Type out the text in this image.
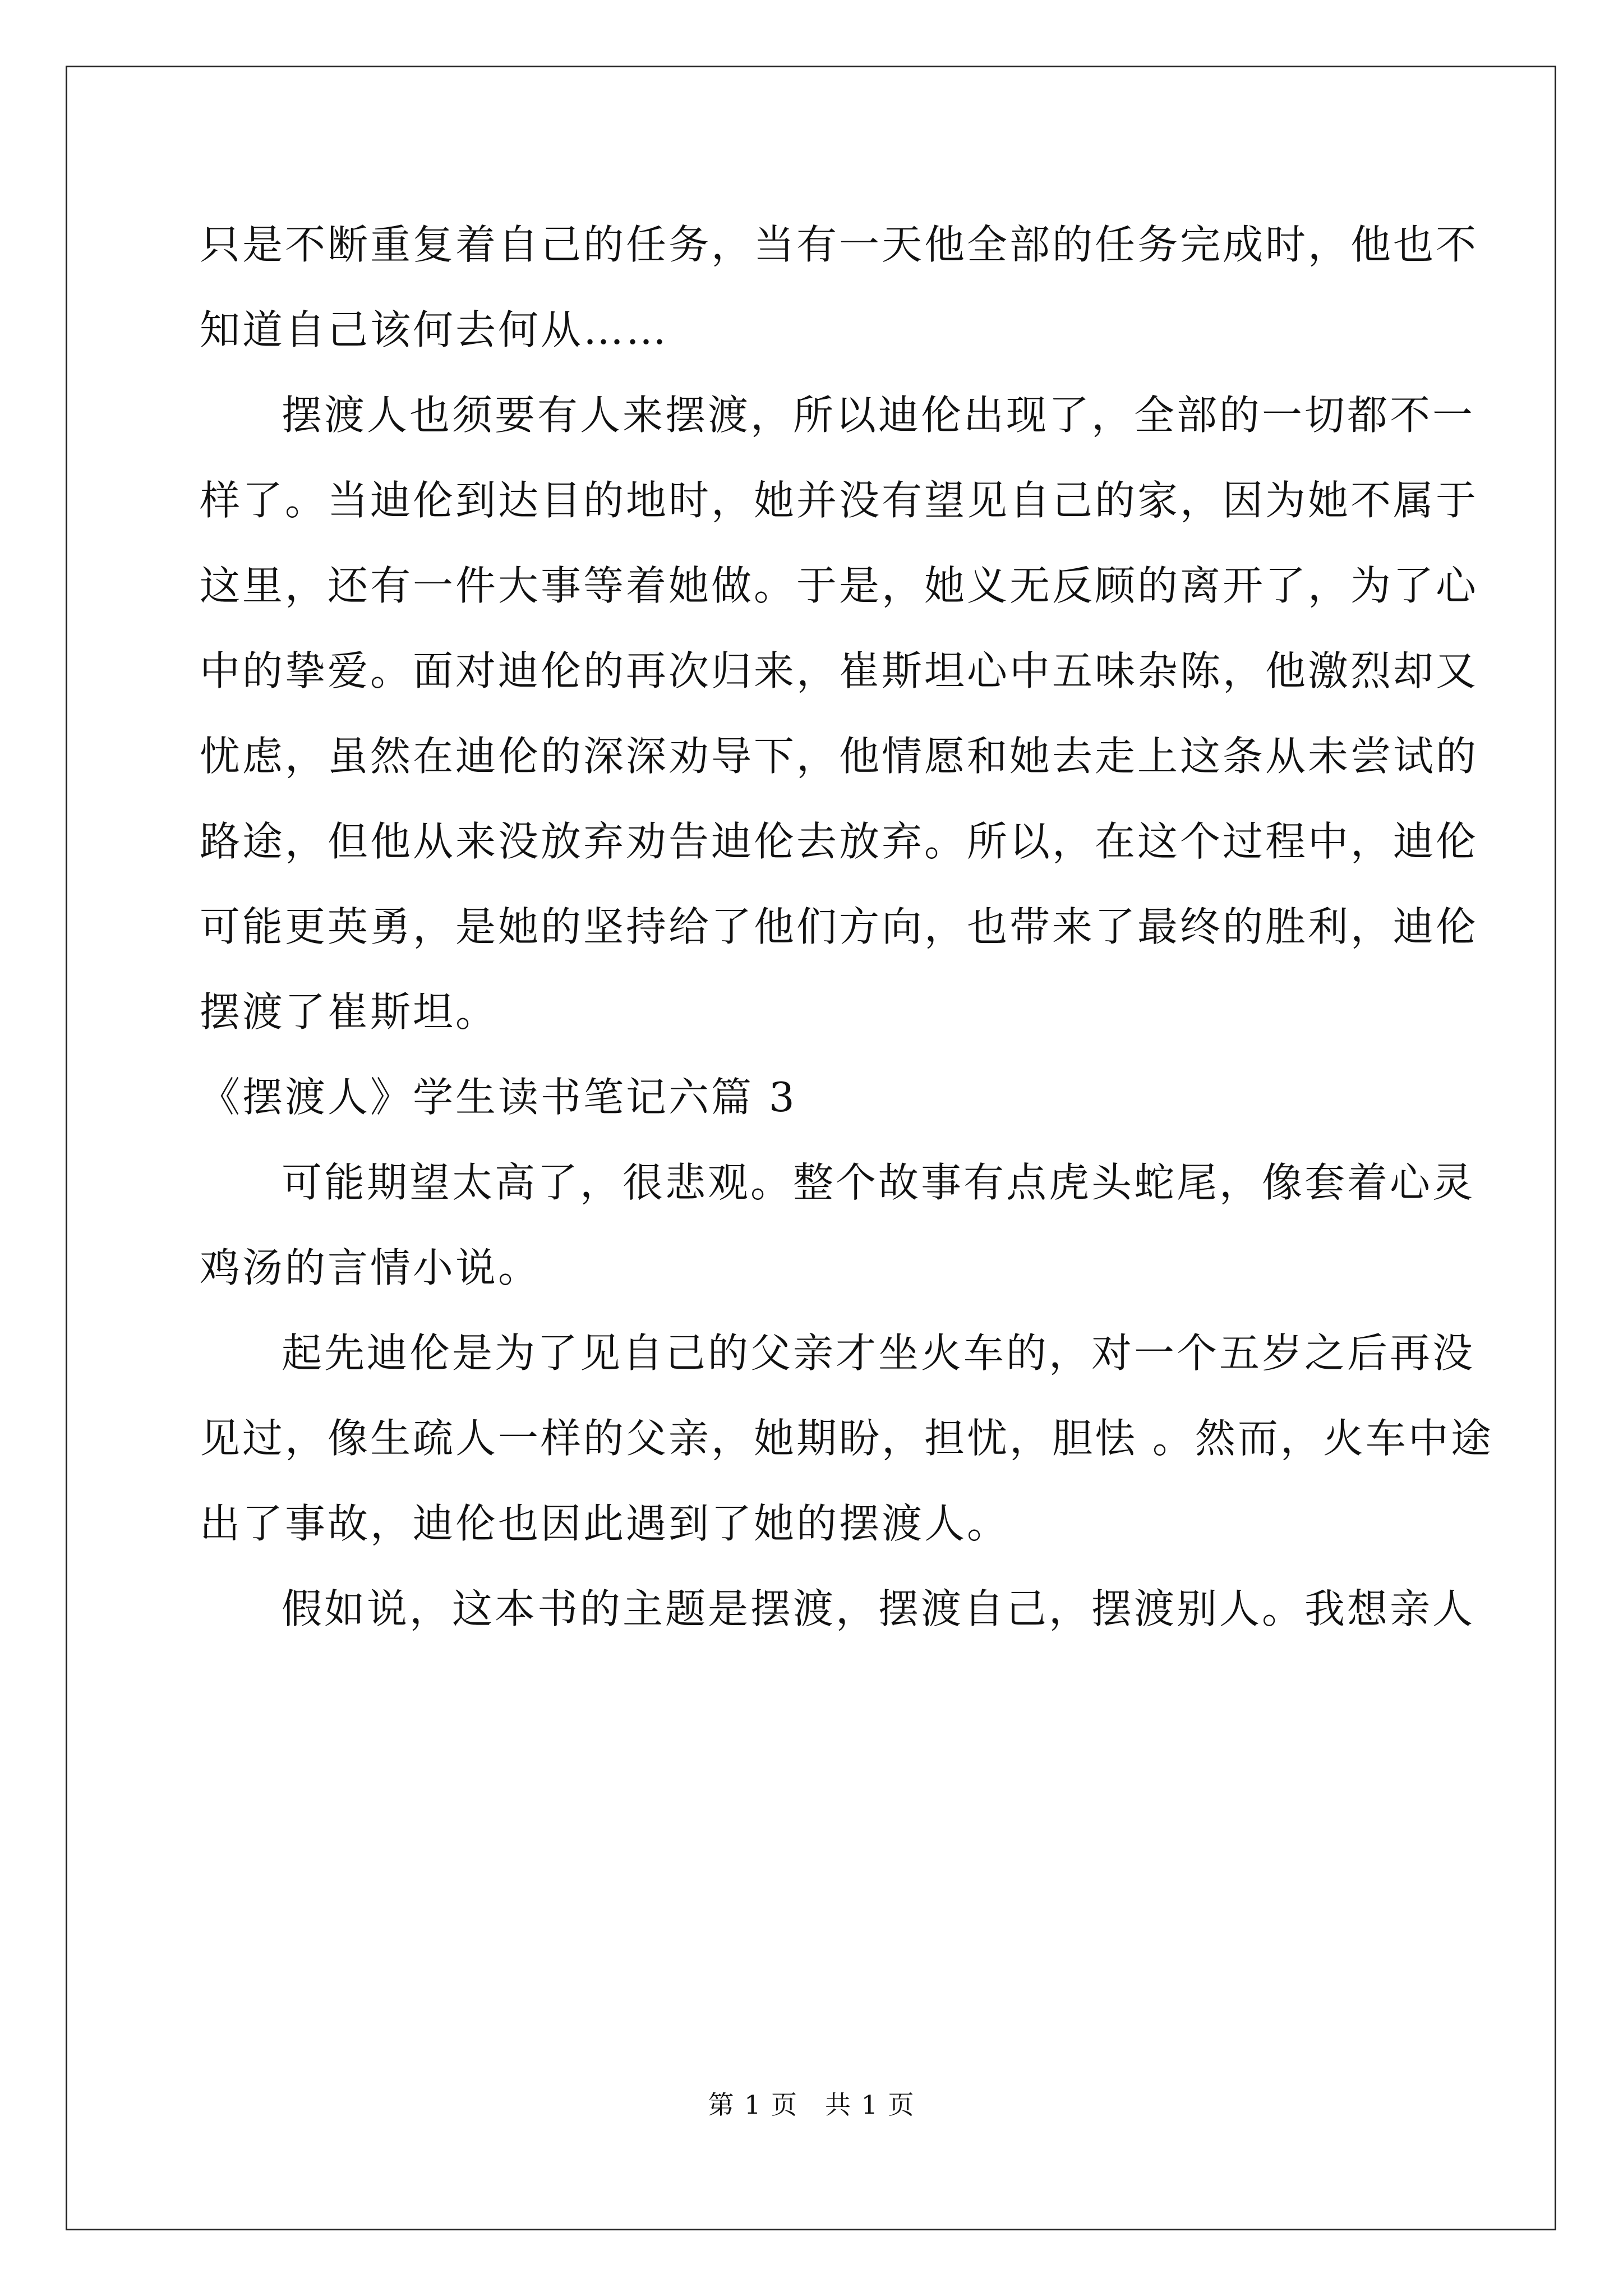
只是不断重复着自己的任务，当有一天他全部的任务完成时，他也不
知道自己该何去何从……
摆渡人也须要有人来摆渡，所以迪伦出现了，全部的一切都不一
样了。当迪伦到达目的地时，她并没有望见自己的家，因为她不属于
这里，还有一件大事等着她做。于是，她义无反顾的离开了，为了心
中的挚爱。面对迪伦的再次归来，崔斯坦心中五味杂陈，他激烈却又
忧虑，虽然在迪伦的深深劝导下，他情愿和她去走上这条从未尝试的
路途，但他从来没放弃劝告迪伦去放弃。所以，在这个过程中，迪伦
可能更英勇，是她的坚持给了他们方向，也带来了最终的胜利，迪伦
摆渡了崔斯坦。
《摆渡人》学生读书笔记六篇 3
可能期望太高了，很悲观。整个故事有点虎头蛇尾，像套着心灵
鸡汤的言情小说。
起先迪伦是为了见自己的父亲才坐火车的，对一个五岁之后再没
见过，像生疏人一样的父亲，她期盼，担忧，胆怯 。然而，火车中途
出了事故，迪伦也因此遇到了她的摆渡人。
假如说，这本书的主题是摆渡，摆渡自己，摆渡别人。我想亲人
第 1 页　共 1 页
